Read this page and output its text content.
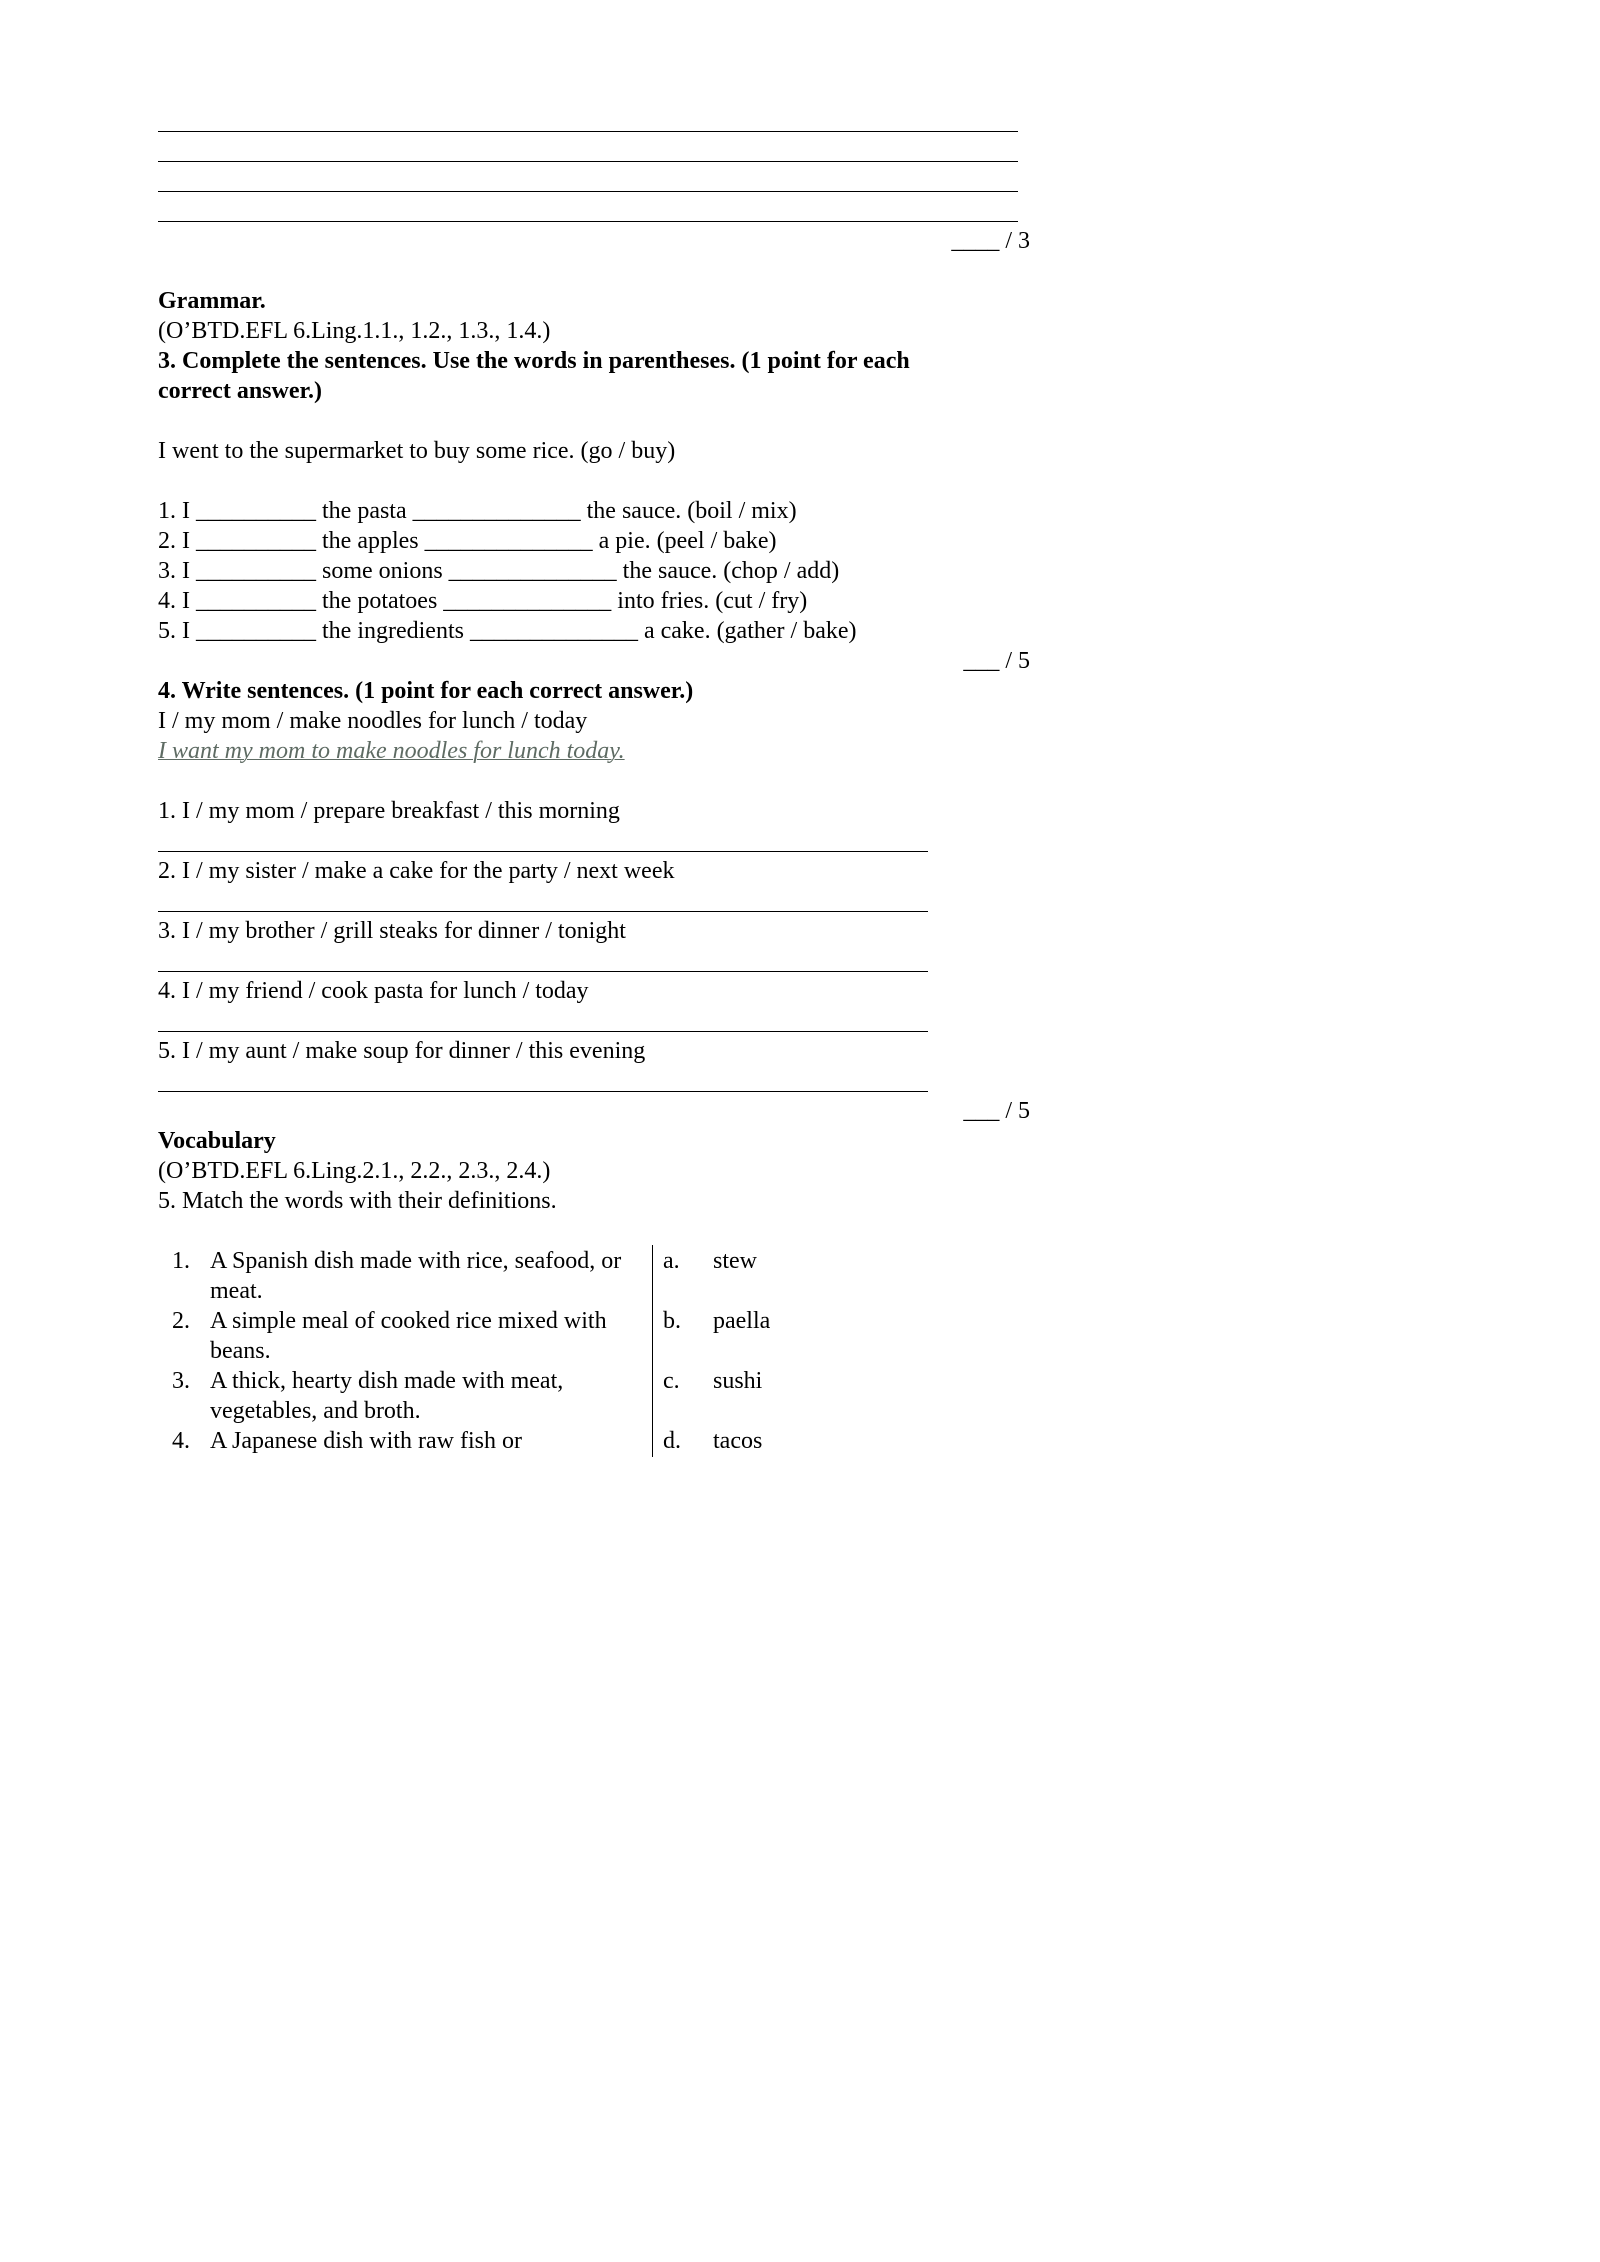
____ / 3
Grammar.
(O’BTD.EFL 6.Ling.1.1., 1.2., 1.3., 1.4.)
3. Complete the sentences. Use the words in parentheses. (1 point for each
correct answer.)
I went to the supermarket to buy some rice. (go / buy)
1. I __________ the pasta ______________ the sauce. (boil / mix)
2. I __________ the apples ______________ a pie. (peel / bake)
3. I __________ some onions ______________ the sauce. (chop / add)
4. I __________ the potatoes ______________ into fries. (cut / fry)
5. I __________ the ingredients ______________ a cake. (gather / bake)
___ / 5
4. Write sentences. (1 point for each correct answer.)
I / my mom / make noodles for lunch / today
I want my mom to make noodles for lunch today.
1. I / my mom / prepare breakfast / this morning
2. I / my sister / make a cake for the party / next week
3. I / my brother / grill steaks for dinner / tonight
4. I / my friend / cook pasta for lunch / today
5. I / my aunt / make soup for dinner / this evening
___ / 5
Vocabulary
(O’BTD.EFL 6.Ling.2.1., 2.2., 2.3., 2.4.)
5. Match the words with their definitions.
1. A Spanish dish made with rice, seafood, or meat.
2. A simple meal of cooked rice mixed with beans.
3. A thick, hearty dish made with meat, vegetables, and broth.
4. A Japanese dish with raw fish or
a. stew
b. paella
c. sushi
d. tacos
